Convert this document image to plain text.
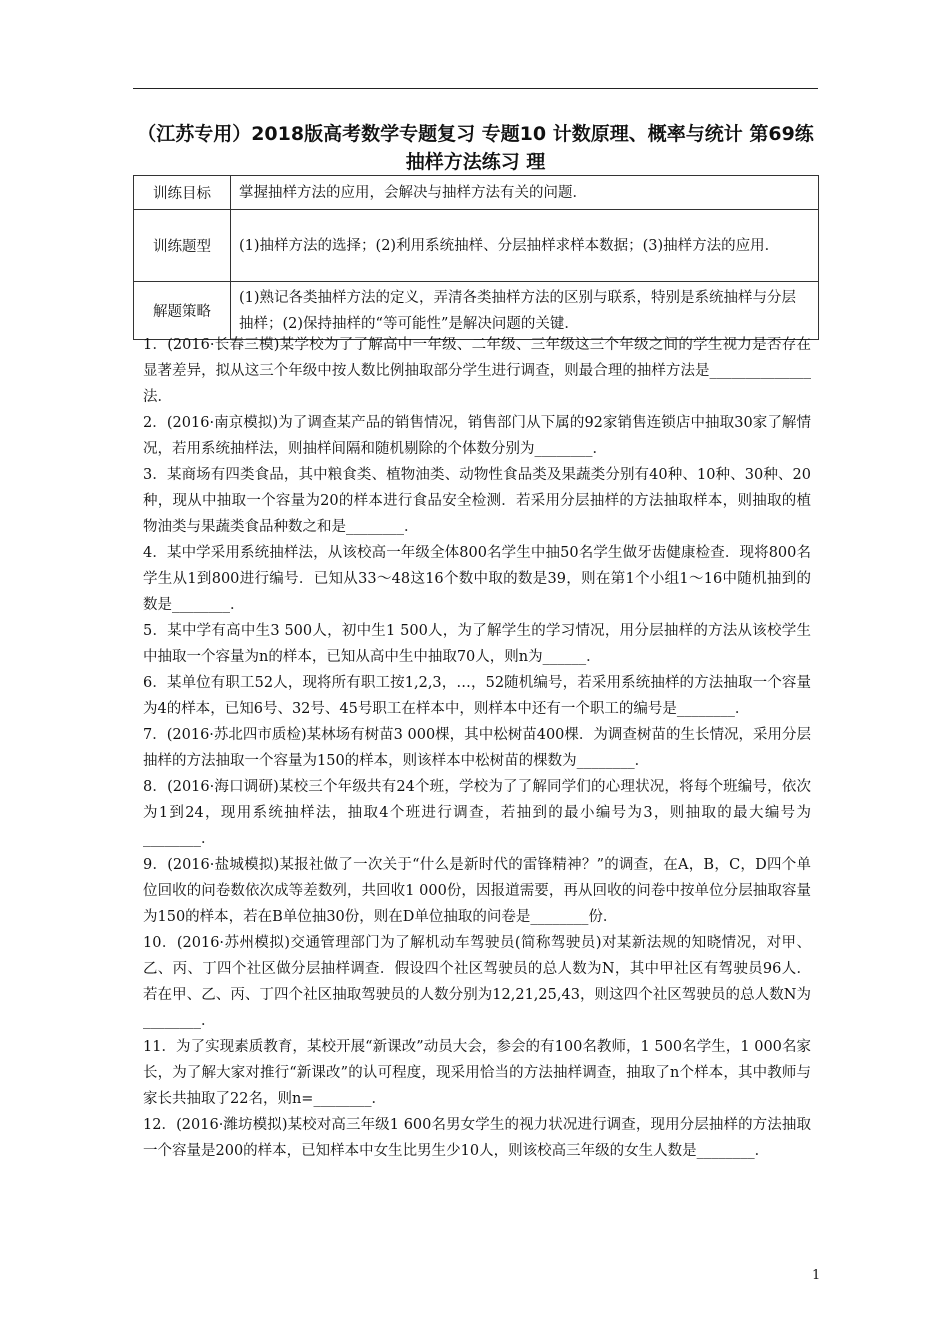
（江苏专用）2018版高考数学专题复习 专题10 计数原理、概率与统计 第69练 抽样方法练习 理
训练目标	掌握抽样方法的应用，会解决与抽样方法有关的问题．
训练题型	(1)抽样方法的选择；(2)利用系统抽样、分层抽样求样本数据；(3)抽样方法的应用．
解题策略	(1)熟记各类抽样方法的定义，弄清各类抽样方法的区别与联系，特别是系统抽样与分层抽样；(2)保持抽样的“等可能性”是解决问题的关键．

1．(2016·长春三模)某学校为了了解高中一年级、二年级、三年级这三个年级之间的学生视力是否存在显著差异，拟从这三个年级中按人数比例抽取部分学生进行调查，则最合理的抽样方法是______________法．

2．(2016·南京模拟)为了调查某产品的销售情况，销售部门从下属的92家销售连锁店中抽取30家了解情况，若用系统抽样法，则抽样间隔和随机剔除的个体数分别为________．

3．某商场有四类食品，其中粮食类、植物油类、动物性食品类及果蔬类分别有40种、10种、30种、20种，现从中抽取一个容量为20的样本进行食品安全检测．若采用分层抽样的方法抽取样本，则抽取的植物油类与果蔬类食品种数之和是________．

4．某中学采用系统抽样法，从该校高一年级全体800名学生中抽50名学生做牙齿健康检查．现将800名学生从1到800进行编号．已知从33～48这16个数中取的数是39，则在第1个小组1～16中随机抽到的数是________．

5．某中学有高中生3 500人，初中生1 500人，为了解学生的学习情况，用分层抽样的方法从该校学生中抽取一个容量为n的样本，已知从高中生中抽取70人，则n为______．

6．某单位有职工52人，现将所有职工按1,2,3，…，52随机编号，若采用系统抽样的方法抽取一个容量为4的样本，已知6号、32号、45号职工在样本中，则样本中还有一个职工的编号是________．

7．(2016·苏北四市质检)某林场有树苗3 000棵，其中松树苗400棵．为调查树苗的生长情况，采用分层抽样的方法抽取一个容量为150的样本，则该样本中松树苗的棵数为________．

8．(2016·海口调研)某校三个年级共有24个班，学校为了了解同学们的心理状况，将每个班编号，依次为1到24，现用系统抽样法，抽取4个班进行调查，若抽到的最小编号为3，则抽取的最大编号为________．

9．(2016·盐城模拟)某报社做了一次关于“什么是新时代的雷锋精神？”的调查，在A，B，C，D四个单位回收的问卷数依次成等差数列，共回收1 000份，因报道需要，再从回收的问卷中按单位分层抽取容量为150的样本，若在B单位抽30份，则在D单位抽取的问卷是________份．

10．(2016·苏州模拟)交通管理部门为了解机动车驾驶员(简称驾驶员)对某新法规的知晓情况，对甲、乙、丙、丁四个社区做分层抽样调查．假设四个社区驾驶员的总人数为N，其中甲社区有驾驶员96人．若在甲、乙、丙、丁四个社区抽取驾驶员的人数分别为12,21,25,43，则这四个社区驾驶员的总人数N为________．

11．为了实现素质教育，某校开展“新课改”动员大会，参会的有100名教师，1 500名学生，1 000名家长，为了解大家对推行“新课改”的认可程度，现采用恰当的方法抽样调查，抽取了n个样本，其中教师与家长共抽取了22名，则n=________．

12．(2016·潍坊模拟)某校对高三年级1 600名男女学生的视力状况进行调查，现用分层抽样的方法抽取一个容量是200的样本，已知样本中女生比男生少10人，则该校高三年级的女生人数是________．

1
